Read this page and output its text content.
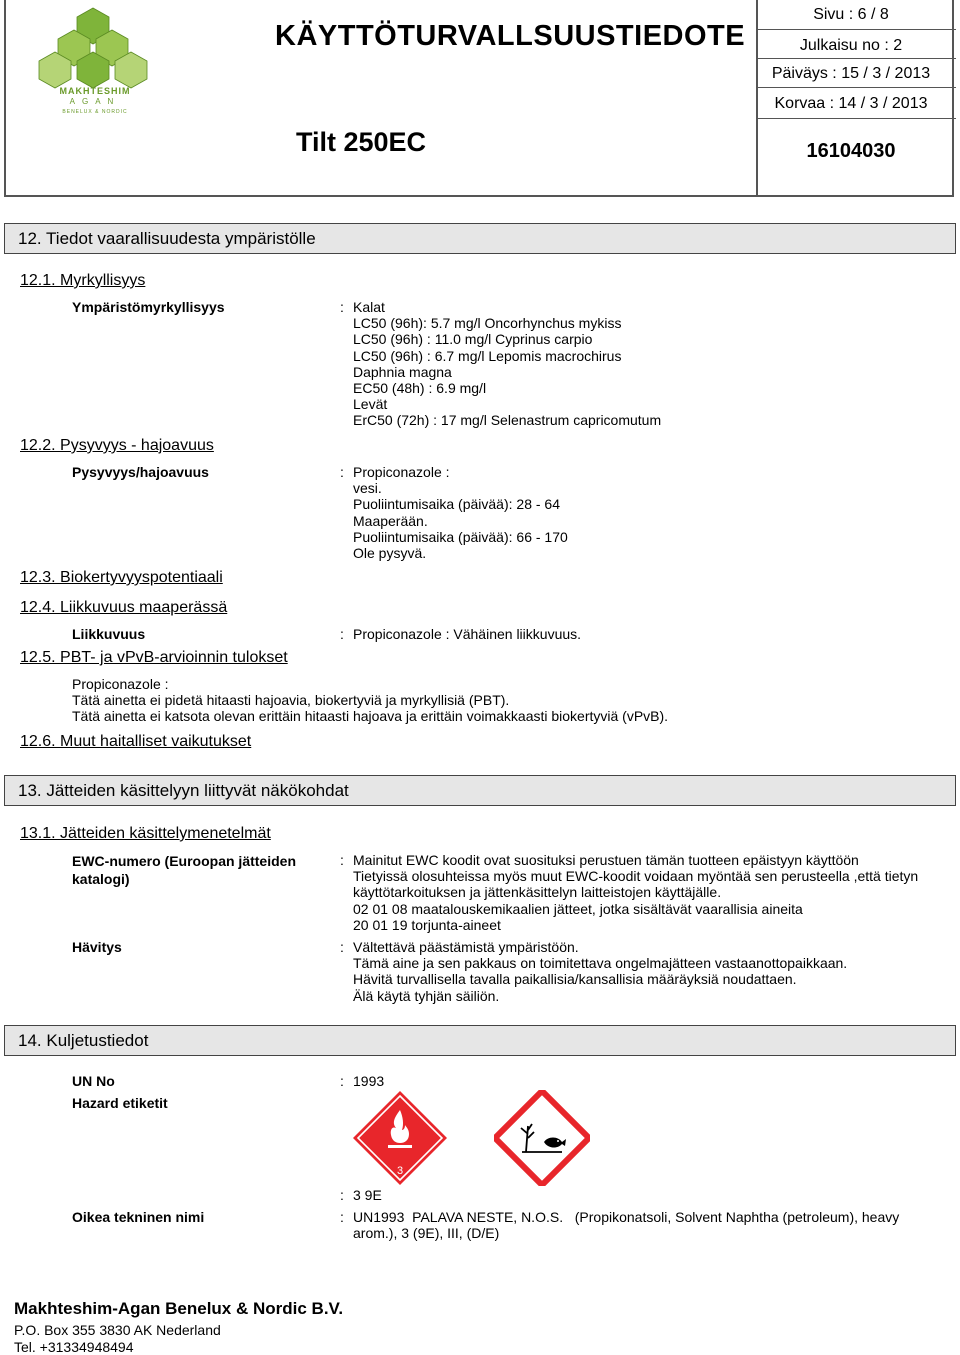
MAKHTESHIM
AGAN
BENELUX & NORDIC
KÄYTTÖTURVALLSUUSTIEDOTE
Tilt 250EC
Sivu : 6 / 8
Julkaisu no : 2
Päiväys : 15 / 3 / 2013
Korvaa : 14 / 3 / 2013
16104030
12. Tiedot vaarallisuudesta ympäristölle
12.1. Myrkyllisyys
Ympäristömyrkyllisyys	: Kalat
LC50 (96h): 5.7 mg/l Oncorhynchus mykiss
LC50 (96h) : 11.0 mg/l Cyprinus carpio
LC50 (96h) : 6.7 mg/l Lepomis macrochirus
Daphnia magna
EC50 (48h) : 6.9 mg/l
Levät
ErC50 (72h) : 17 mg/l Selenastrum capricomutum
12.2. Pysyvyys - hajoavuus
Pysyvyys/hajoavuus	: Propiconazole :
vesi.
Puoliintumisaika (päivää): 28 - 64
Maaperään.
Puoliintumisaika (päivää): 66 - 170
Ole pysyvä.
12.3. Biokertyvyyspotentiaali
12.4. Liikkuvuus maaperässä
Liikkuvuus	: Propiconazole : Vähäinen liikkuvuus.
12.5. PBT- ja vPvB-arvioinnin tulokset
Propiconazole :
Tätä ainetta ei pidetä hitaasti hajoavia, biokertyviä ja myrkyllisiä (PBT).
Tätä ainetta ei katsota olevan erittäin hitaasti hajoava ja erittäin voimakkaasti biokertyviä (vPvB).
12.6. Muut haitalliset vaikutukset
13. Jätteiden käsittelyyn liittyvät näkökohdat
13.1. Jätteiden käsittelymenetelmät
EWC-numero (Euroopan jätteiden
katalogi)
: Mainitut EWC koodit ovat suosituksi perustuen tämän tuotteen epäistyyn käyttöön
Tietyissä olosuhteissa myös muut EWC-koodit voidaan myöntää sen perusteella ,että tietyn
käyttötarkoituksen ja jättenkäsittelyn laitteistojen käyttäjälle.
02 01 08 maatalouskemikaalien jätteet, jotka sisältävät vaarallisia aineita
20 01 19 torjunta-aineet
Hävitys	: Vältettävä päästämistä ympäristöön.
Tämä aine ja sen pakkaus on toimitettava ongelmajätteen vastaanottopaikkaan.
Hävitä turvallisella tavalla paikallisia/kansallisia määräyksiä noudattaen.
Älä käytä tyhjän säiliön.
14. Kuljetustiedot
UN No	: 1993
Hazard etiketit
3
: 3 9E
Oikea tekninen nimi	: UN1993  PALAVA NESTE, N.O.S.   (Propikonatsoli, Solvent Naphtha (petroleum), heavy
arom.), 3 (9E), III, (D/E)
Makhteshim-Agan Benelux & Nordic B.V.
P.O. Box 355 3830 AK Nederland
Tel. +31334948494
